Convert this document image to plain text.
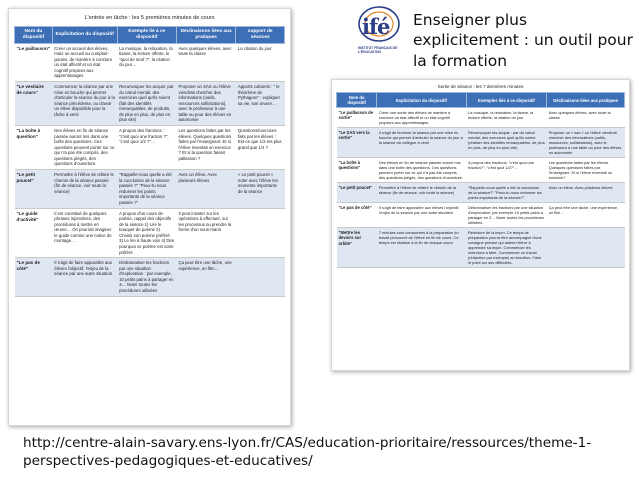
L'entrée en tâche : les 5 premières minutes de cours
Nom du dispositif	Explicitation du dispositif	Exemple lié à ce dispositif	Déclinaisons liées aux pratiques	support de séances
"Le paillasson"	Créer un accueil des élèves, mais un accueil au comptoir-goutes, de manière à conclure un état affectif et un état cognitif propices aux apprentissages	La musique, la relaxation, la tisane, la lecture offerte, le "quoi de neuf ?", la citation du jour…	Avec quelques élèves, avec toute la classe	La citation du jour
"Le vestiaire de cours"	Commencer la séance par une mise en bouche qui permet d'articuler la séance du jour à la séance précédente, ou d'avoir un élève disponible pour la tâche à venir	Reconvoquer les acquis: par du calcul mental, des exercices quel qu'ils soient (fait des identités remarquables, de produits, de plus en plus, de plus en plus vite)	Proposer un SAS ou l'élève viendrait chercher des informations (outils, ressources sollicitations), avec le professeur à une table ou pour des élèves en autonomie	Apports culturels : " le théorème de Pythagore" : expliquer sa vie, son œuvre…
"La boîte à question"	Des élèves en fin de séance passée auront mis dans une boîte des questions. Ces questions peuvent porter sur ce qui n'a pas été compris, des questions piégés, des questions d'ouverture.	A propos des fractions : "c'est quoi une fraction ?", "c'est quoi 1/2 ?"…	Les questions faites par les élèves. Quelques questions faites par l'enseignant. Et si l'élève inventait un exercice ? Et si la question faisait pallasson ?	Questions/exercices faits par les élèves : Est-ce que 1/2 est plus grand que 1/4 ?
"Le petit poucet"	Permettre à l'élève de refaire le chemin de la séance passée (fin de séance, voir toute la séance)	"Rappelle-nous quelle a été la conclusion de la séance passée ?" "Peux-tu nous redonner les points importants de la séance passée ?"	Avec un élève. Avec plusieurs élèves	« Le petit poucet » noter avec l'élève les moments importants de la séance
"Le guide d'activité"	Il est constitué de quelques phrases injonctives, des procédures à mettre en œuvre… On pourrait imaginer le guide comme une notice de montage…	A propos d'un cours de poésie, rappel des objectifs de la séance 1) Lire le bouquet de poème 2) Choisir son poème préféré 3) Le lire à haute voix 4) Dire pourquoi ce poème est votre préféré	Il peut insister sur les opérations à effectuer, sur les processus ou prendre la forme d'un sous-marin	
"Le pas de côté"	Il s'agit de faire apparaître aux élèves l'objectif, l'enjeu de la séance par une autre situation	Dédramatiser les fractions par une situation d'exploration : par exemple, 10 petits pains à partager en 3… Noter toutes les procédures utilisées	Ça peut être une tâche, une expérience, un film…	
ifé
INSTITUT FRANÇAIS DE L'ÉDUCATION
Enseigner plus explicitement : un outil pour la formation
Sortie de séance : les 7 dernières minutes
Nom du dispositif	Explicitation du dispositif	Exemples liés à ce dispositif	Déclinaisons liées aux pratiques
"Le paillasson de sortie"	Créer une sortie des élèves de manière à conclure un état affectif et un état cognitif propices aux apprentissages	La musique, la relaxation, la tisane, la lecture offerte, la citation du jour	Avec quelques élèves, avec toute la classe
"Le SAS vers la sortie"	Il s'agit de terminer la séance par une mise en bouche qui permet d'articuler la séance du jour à la séance du collègue à venir	Reconvoquer les acquis : par du calcul mental, des exercices quel qu'ils soient (réaliser des identités remarquables, de plus en plus, de plus en plus vite)	Proposer un « sas » où l'élève viendrait chercher des informations (outils, ressources, sollicitations), avec le professeur à une table ou pour des élèves en autonomie
"La boîte à questions"	Des élèves en fin de séance passée auront mis dans une boîte des questions. Ces questions peuvent porter sur ce qui n'a pas été compris, des questions piégés, des questions d'ouverture.	A propos des fractions: "c'est quoi une fraction?", "c'est quoi 1/2?"…	Les questions faites par les élèves. Quelques questions faites par l'enseignant. Et si l'élève inventait un exercice?
"Le petit poucet"	Permettre à l'élève de refaire le chemin de la séance (fin de séance, voir toute la séance)	"Rappelle-nous quelle a été la conclusion de la séance?" "Peux-tu nous redonner les points importants de la séance?"	Avec un élève. Avec plusieurs élèves
"Le pas de côté"	Il s'agit de faire apparaître aux élèves l'objectif, l'enjeu de la séance par une autre situation	Dédramatiser les fractions par une situation d'exploration: par exemple 10 petits pains à partager en 3… Noter toutes les procédures utilisées.	Ça peut être une tâche, une expérience, un film…
"Mettre les devoirs sur orbite"	7 minutes sont consacrées à la préparation du travail personnel de l'élève en fin de cours. Ce temps est ritualisé à la fin de chaque cours.	Relecture de la leçon. Ce temps de préparation pourra être accompagné d'une consigne précise qui aidera l'élève à apprendre sa leçon. Commencer les exercices à faire. Commencer un travail (rédaction par exemple) au brouillon. Faire le point sur ses difficultés.	
http://centre-alain-savary.ens-lyon.fr/CAS/education-prioritaire/ressources/theme-1-perspectives-pedagogiques-et-educatives/
